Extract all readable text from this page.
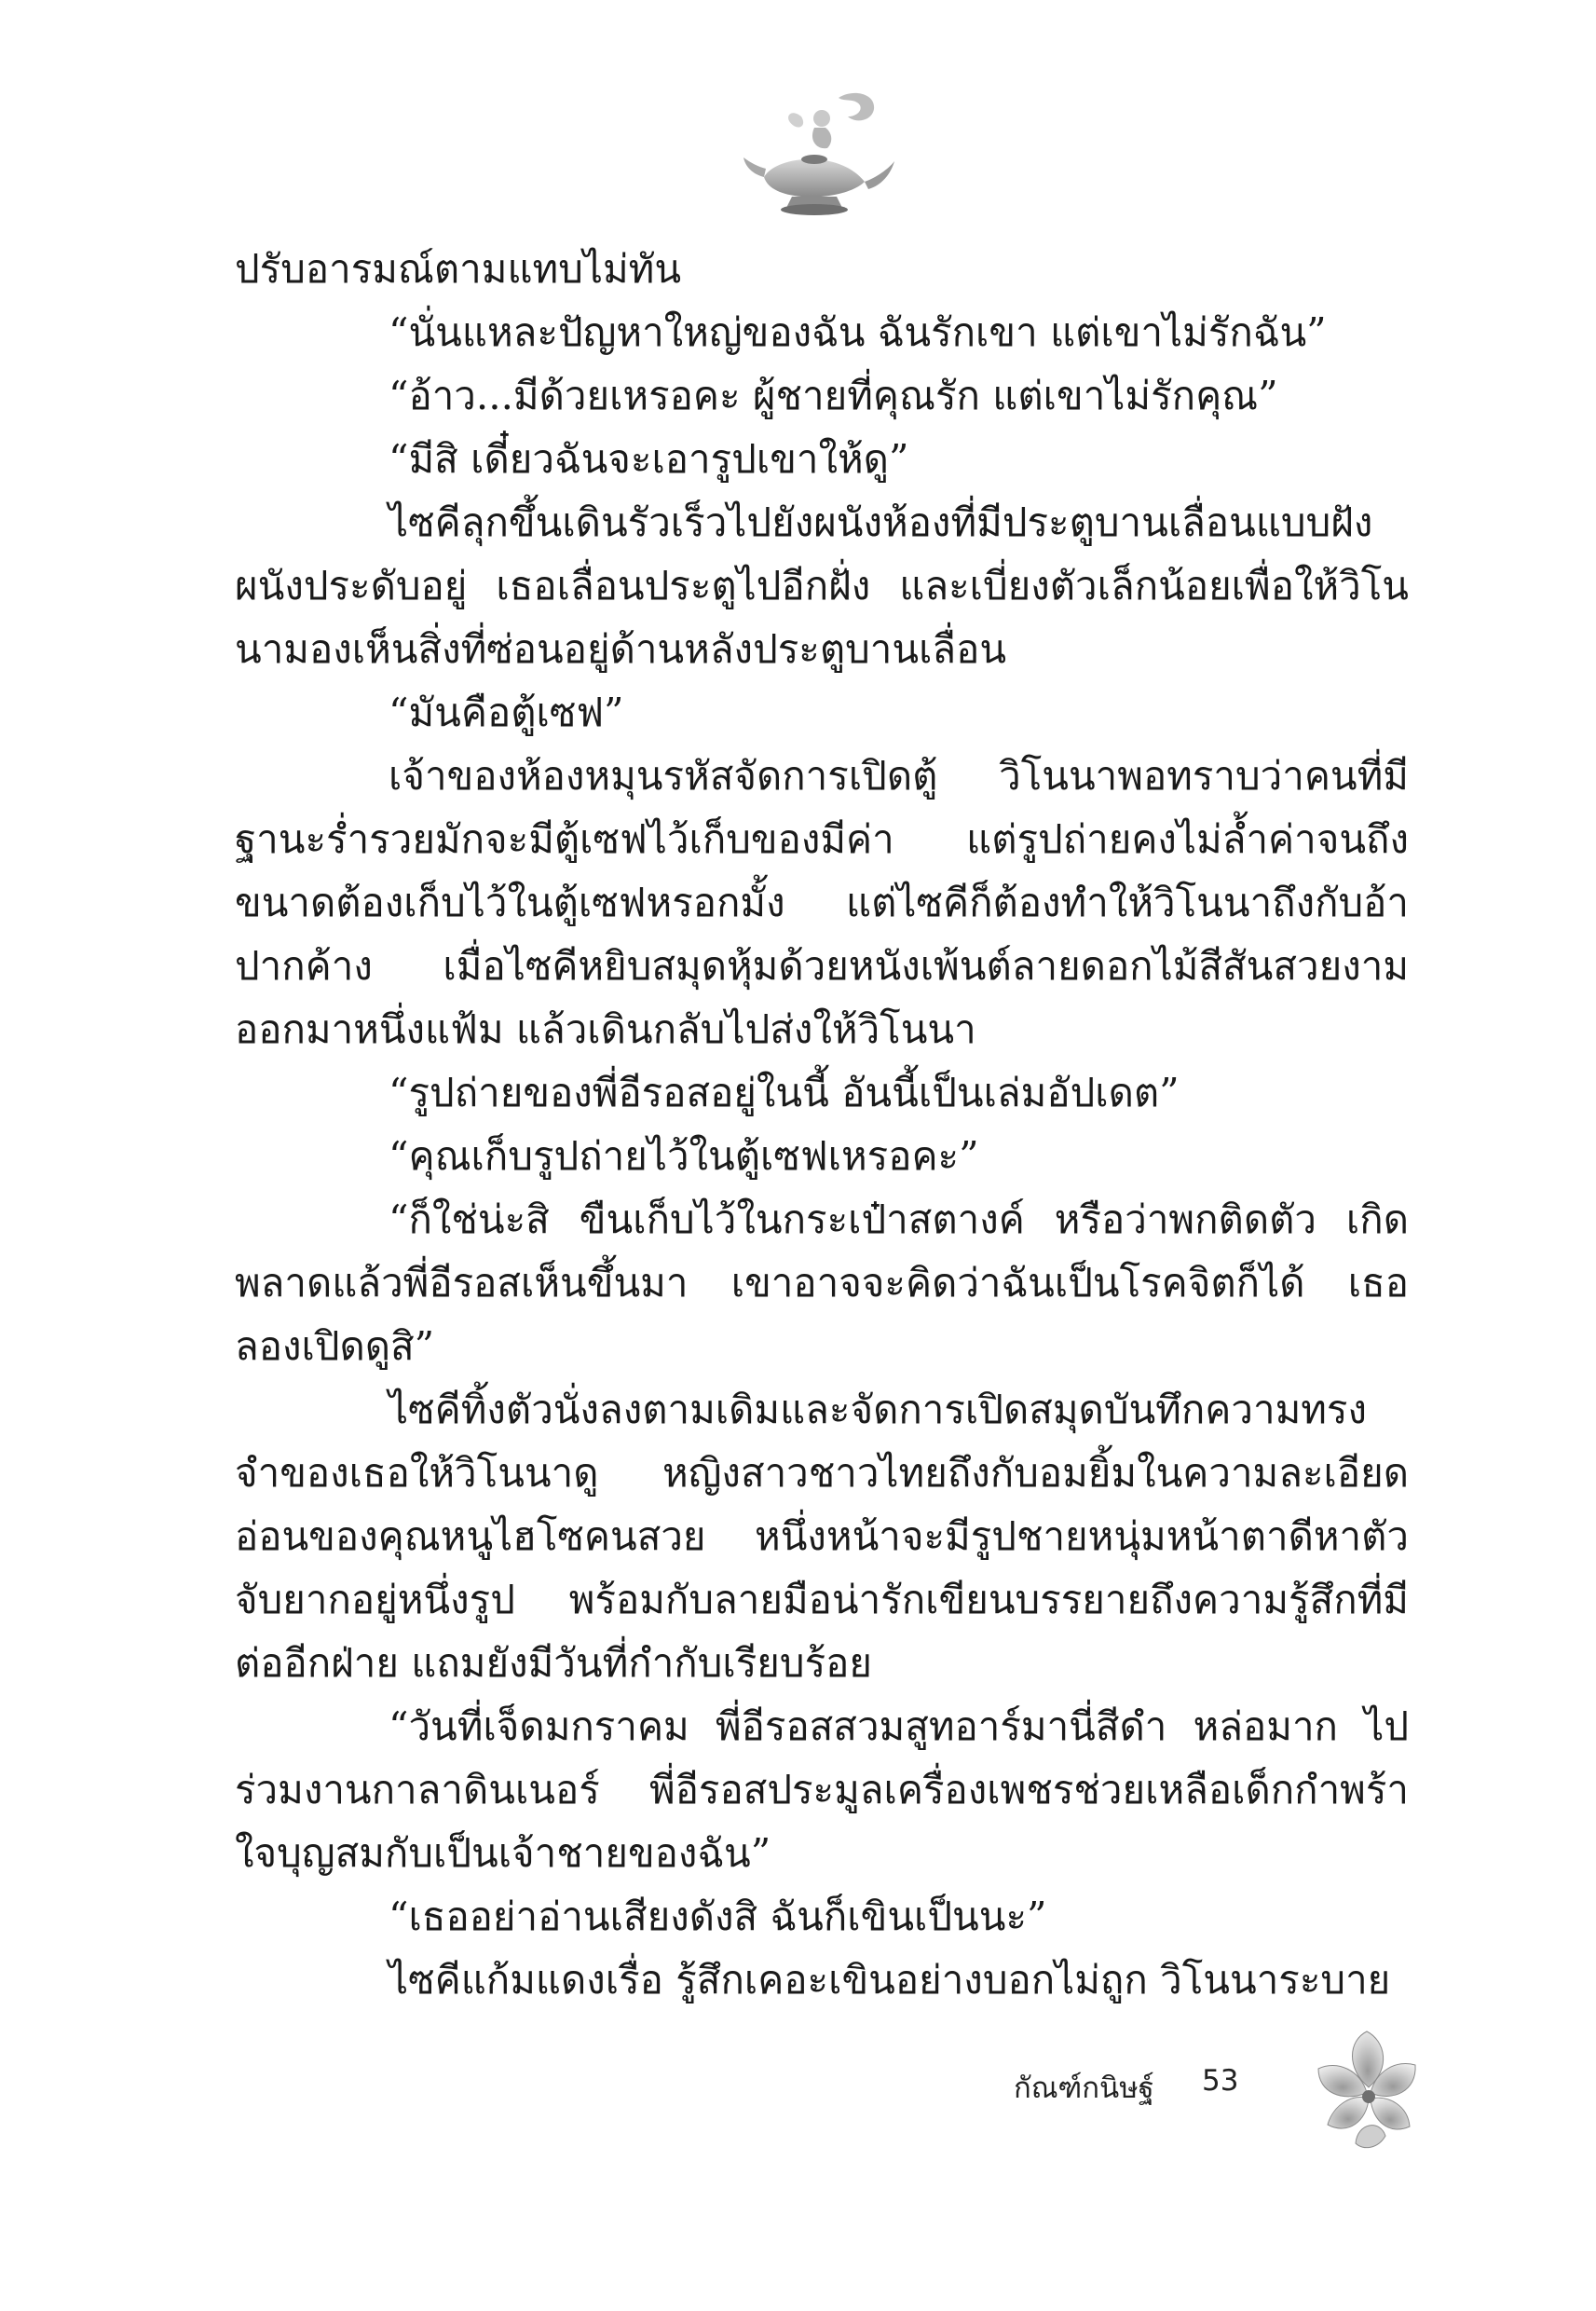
ปรับอารมณ์ตามแทบไม่ทัน

“นั่นแหละปัญหาใหญ่ของฉัน ฉันรักเขา แต่เขาไม่รักฉัน”

“อ้าว...มีด้วยเหรอคะ ผู้ชายที่คุณรัก แต่เขาไม่รักคุณ”

“มีสิ เดี๋ยวฉันจะเอารูปเขาให้ดู”

ไซคีลุกขึ้นเดินรัวเร็วไปยังผนังห้องที่มีประตูบานเลื่อนแบบฝังผนังประดับอยู่ เธอเลื่อนประตูไปอีกฝั่ง และเบี่ยงตัวเล็กน้อยเพื่อให้วิโนนามองเห็นสิ่งที่ซ่อนอยู่ด้านหลังประตูบานเลื่อน

“มันคือตู้เซฟ”

เจ้าของห้องหมุนรหัสจัดการเปิดตู้ วิโนนาพอทราบว่าคนที่มีฐานะร่ำรวยมักจะมีตู้เซฟไว้เก็บของมีค่า แต่รูปถ่ายคงไม่ล้ำค่าจนถึงขนาดต้องเก็บไว้ในตู้เซฟหรอกมั้ง แต่ไซคีก็ต้องทำให้วิโนนาถึงกับอ้าปากค้าง เมื่อไซคีหยิบสมุดหุ้มด้วยหนังเพ้นต์ลายดอกไม้สีสันสวยงามออกมาหนึ่งแฟ้ม แล้วเดินกลับไปส่งให้วิโนนา

“รูปถ่ายของพี่อีรอสอยู่ในนี้ อันนี้เป็นเล่มอัปเดต”

“คุณเก็บรูปถ่ายไว้ในตู้เซฟเหรอคะ”

“ก็ใช่น่ะสิ ขืนเก็บไว้ในกระเป๋าสตางค์ หรือว่าพกติดตัว เกิดพลาดแล้วพี่อีรอสเห็นขึ้นมา เขาอาจจะคิดว่าฉันเป็นโรคจิตก็ได้ เธอลองเปิดดูสิ”

ไซคีทิ้งตัวนั่งลงตามเดิมและจัดการเปิดสมุดบันทึกความทรงจำของเธอให้วิโนนาดู หญิงสาวชาวไทยถึงกับอมยิ้มในความละเอียดอ่อนของคุณหนูไฮโซคนสวย หนึ่งหน้าจะมีรูปชายหนุ่มหน้าตาดีหาตัวจับยากอยู่หนึ่งรูป พร้อมกับลายมือน่ารักเขียนบรรยายถึงความรู้สึกที่มีต่ออีกฝ่าย แถมยังมีวันที่กำกับเรียบร้อย

“วันที่เจ็ดมกราคม พี่อีรอสสวมสูทอาร์มานี่สีดำ หล่อมาก ไปร่วมงานกาลาดินเนอร์ พี่อีรอสประมูลเครื่องเพชรช่วยเหลือเด็กกำพร้า ใจบุญสมกับเป็นเจ้าชายของฉัน”

“เธออย่าอ่านเสียงดังสิ ฉันก็เขินเป็นนะ”

ไซคีแก้มแดงเรื่อ รู้สึกเคอะเขินอย่างบอกไม่ถูก วิโนนาระบาย

กัณฑ์กนิษฐ์ 53
